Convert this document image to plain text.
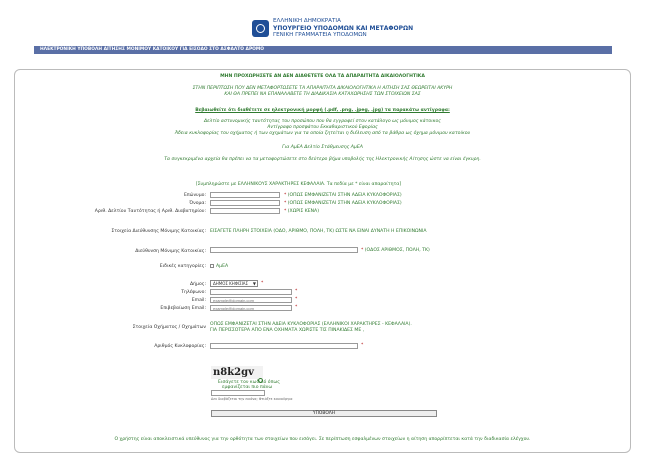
ΕΛΛΗΝΙΚΗ ΔΗΜΟΚΡΑΤΙΑ
ΥΠΟΥΡΓΕΙΟ ΥΠΟΔΟΜΩΝ ΚΑΙ ΜΕΤΑΦΟΡΩΝ
ΓΕΝΙΚΗ ΓΡΑΜΜΑΤΕΙΑ ΥΠΟΔΟΜΩΝ
ΗΛΕΚΤΡΟΝΙΚΗ ΥΠΟΒΟΛΗ ΑΙΤΗΣΗΣ ΜΟΝΙΜΟΥ ΚΑΤΟΙΚΟΥ ΓΙΑ ΕΙΣΟΔΟ ΣΤΟ ΑΣΦΑΛΤΟ ΔΡΟΜΟ
ΜΗΝ ΠΡΟΧΩΡΗΣΕΤΕ ΑΝ ΔΕΝ ΔΙΑΘΕΤΕΤΕ ΟΛΑ ΤΑ ΑΠΑΡΑΙΤΗΤΑ ΔΙΚΑΙΟΛΟΓΗΤΙΚΑ
ΣΤΗΝ ΠΕΡΙΠΤΩΣΗ ΠΟΥ ΔΕΝ ΜΕΤΑΦΟΡΤΩΣΕΤΕ ΤΑ ΑΠΑΡΑΙΤΗΤΑ ΔΙΚΑΙΟΛΟΓΗΤΙΚΑ Η ΑΙΤΗΣΗ ΣΑΣ ΘΕΩΡΕΙΤΑΙ ΑΚΥΡΗ
ΚΑΙ ΘΑ ΠΡΕΠΕΙ ΝΑ ΕΠΑΝΑΛΑΒΕΤΕ ΤΗ ΔΙΑΔΙΚΑΣΙΑ ΚΑΤΑΧΩΡΗΣΗΣ ΤΩΝ ΣΤΟΙΧΕΙΩΝ ΣΑΣ
Βεβαιωθείτε ότι διαθέτετε σε ηλεκτρονική μορφή (.pdf, .png, .jpeg, .jpg) τα παρακάτω αντίγραφα:
Δελτίο αστυνομικής ταυτότητας του προσώπου που θα εγγραφεί στον κατάλογο ως μόνιμος κάτοικος
Αντίγραφο προσφάτου Εκκαθαριστικού Εφορίας
Άδεια κυκλοφορίας του οχήματος ή των οχημάτων για τα οποία ζητείται η διέλευση από τα βάθρα ως όχημα μόνιμου κατοίκου
Για ΑμΕΑ Δελτίο Στάθμευσης ΑμΕΑ
Τα συγκεκριμένα αρχεία θα πρέπει να τα μεταφορτώσετε στο δεύτερο βήμα υποβολής της Ηλεκτρονικής Αίτησης ώστε να είναι έγκυρη.
[Συμπληρώστε με ΕΛΛΗΝΙΚΟΥΣ ΧΑΡΑΚΤΗΡΕΣ ΚΕΦΑΛΑΙΑ. Τα πεδία με * είναι απαραίτητα]
Επώνυμο:	* (ΟΠΩΣ ΕΜΦΑΝΙΖΕΤΑΙ ΣΤΗΝ ΑΔΕΙΑ ΚΥΚΛΟΦΟΡΙΑΣ)
Όνομα:	* (ΟΠΩΣ ΕΜΦΑΝΙΖΕΤΑΙ ΣΤΗΝ ΑΔΕΙΑ ΚΥΚΛΟΦΟΡΙΑΣ)
Αριθ. Δελτίου Ταυτότητας ή Αριθ. Διαβατηρίου:	* (ΧΩΡΙΣ ΚΕΝΑ)
Στοιχεία Διεύθυνσης Μόνιμης Κατοικίας: ΕΙΣΑΓΕΤΕ ΠΛΗΡΗ ΣΤΟΙΧΕΙΑ (ΟΔΟ, ΑΡΙΘΜΟ, ΠΟΛΗ, ΤΚ) ΩΣΤΕ ΝΑ ΕΙΝΑΙ ΔΥΝΑΤΗ Η ΕΠΙΚΟΙΝΩΝΙΑ
Διεύθυνση Μόνιμης Κατοικίας:	* (ΟΔΟΣ ΑΡΙΘΜΟΣ, ΠΟΛΗ, ΤΚ)
Ειδικές κατηγορίες: ΑμΕΑ
Δήμος:	ΔΗΜΟΣ ΚΗΦΙΣΙΑΣ ▼ *
Τηλέφωνο:	*
Email:
example@domain.com	*
Επιβεβαίωση Email:
example@domain.com	*
Στοιχεία Οχήματος / Οχημάτων
ΟΠΩΣ ΕΜΦΑΝΙΖΕΤΑΙ ΣΤΗΝ ΑΔΕΙΑ ΚΥΚΛΟΦΟΡΙΑΣ (ΕΛΛΗΝΙΚΟΙ ΧΑΡΑΚΤΗΡΕΣ - ΚΕΦΑΛΑΙΑ).
ΓΙΑ ΠΕΡΙΣΣΟΤΕΡΑ ΑΠΟ ΕΝΑ ΟΧΗΜΑΤΑ ΧΩΡΙΣΤΕ ΤΙΣ ΠΙΝΑΚΙΔΕΣ ΜΕ ,
Αριθμός Κυκλοφορίας:	*
n8k2gv
Εισάγετε τον κωδικό όπως
εμφανίζεται πιο πάνω
Δεν διαβάζεται την εικόνα; Φτιάξτε καινούργια
ΥΠΟΒΟΛΗ
Ο χρήστης είναι αποκλειστικά υπεύθυνος για την ορθότητα των στοιχείων που εισάγει. Σε περίπτωση εσφαλμένων στοιχείων η αίτηση απορρίπτεται κατά την διαδικασία ελέγχου.
